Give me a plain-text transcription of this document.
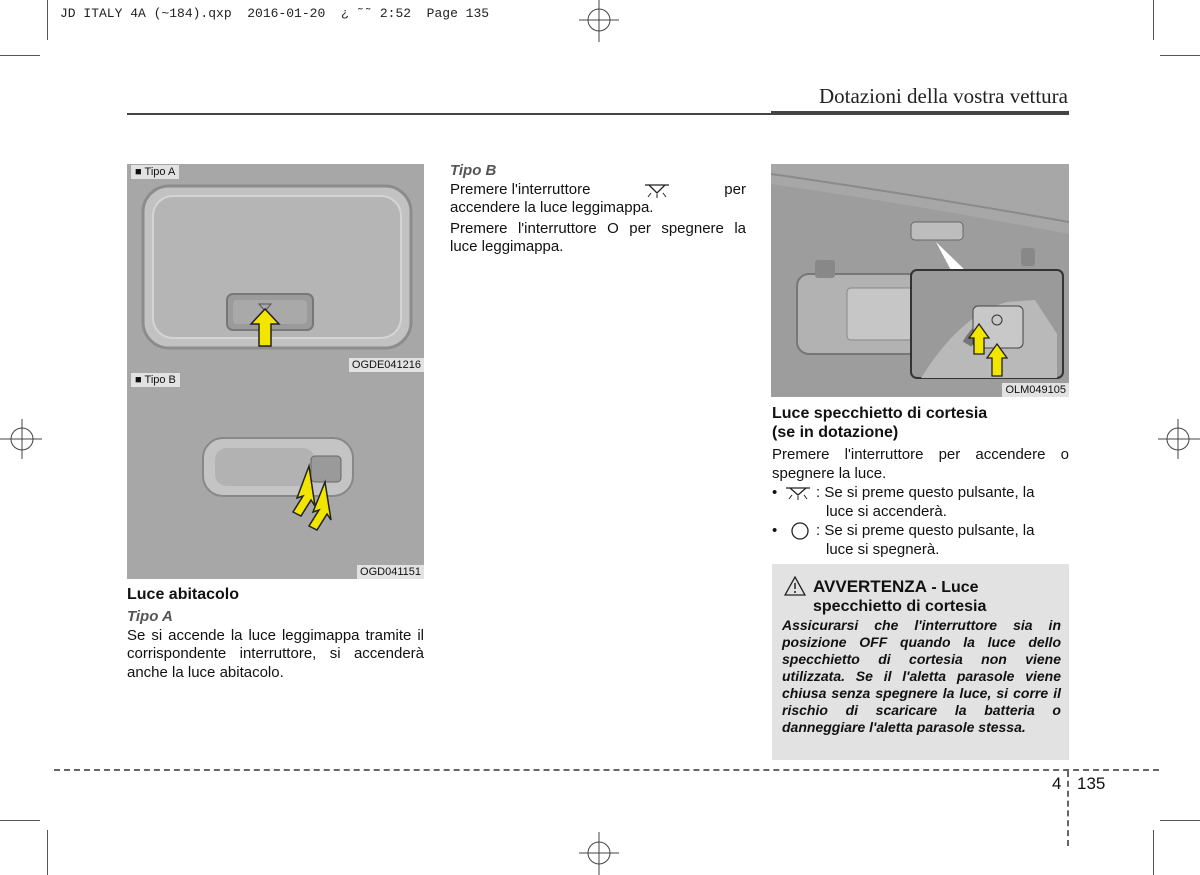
JD ITALY 4A (~184).qxp  2016-01-20  ¿ ˜˜ 2:52  Page 135
Dotazioni della vostra vettura
■ Tipo A
OGDE041216
■ Tipo B
OGD041151

Luce abitacolo

Tipo A

Se si accende la luce leggimappa tramite il corrispondente interruttore, si accenderà anche la luce abitacolo.

Tipo B

Premere l'interruttore	per

accendere la luce leggimappa.

Premere l'interruttore O per spegnere la luce leggimappa.

OLM049105

Luce specchietto di cortesia

(se in dotazione)

Premere l'interruttore per accendere o spegnere la luce.

•	: Se si preme questo pulsante, la

luce si accenderà.

•	: Se si preme questo pulsante, la

luce si spegnerà.

AVVERTENZA - Luce
specchietto di cortesia
Assicurarsi che l'interruttore sia in posizione OFF quando la luce dello specchietto di cortesia non viene utilizzata. Se il l'aletta parasole viene chiusa senza spegnere la luce, si corre il rischio di scaricare la batteria o danneggiare l'aletta parasole stessa.
4 135
